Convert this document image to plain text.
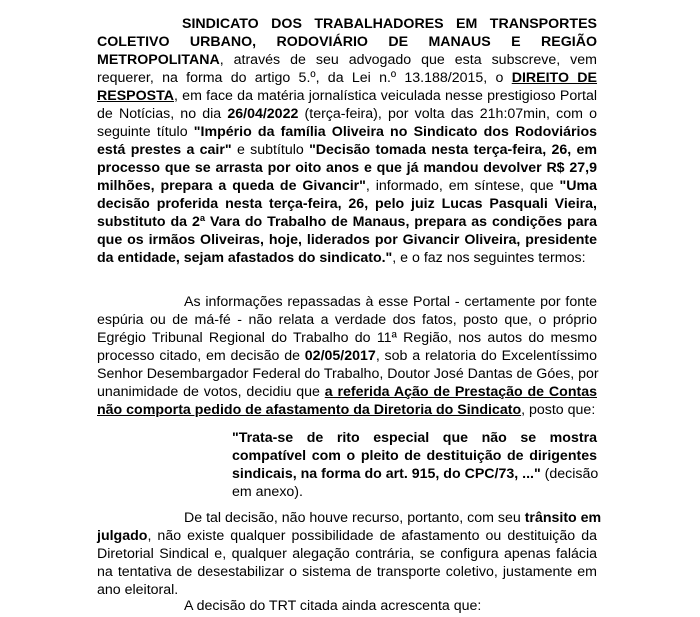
SINDICATO DOS TRABALHADORES EM TRANSPORTES
COLETIVO URBANO, RODOVIÁRIO DE MANAUS E REGIÃO
METROPOLITANA, através de seu advogado que esta subscreve, vem
requerer, na forma do artigo 5.º, da Lei n.º 13.188/2015, o DIREITO DE
RESPOSTA, em face da matéria jornalística veiculada nesse prestigioso Portal
de Notícias, no dia 26/04/2022 (terça-feira), por volta das 21h:07min, com o
seguinte título "Império da família Oliveira no Sindicato dos Rodoviários
está prestes a cair" e subtítulo "Decisão tomada nesta terça-feira, 26, em
processo que se arrasta por oito anos e que já mandou devolver R$ 27,9
milhões, prepara a queda de Givancir", informado, em síntese, que "Uma
decisão proferida nesta terça-feira, 26, pelo juiz Lucas Pasquali Vieira,
substituto da 2ª Vara do Trabalho de Manaus, prepara as condições para
que os irmãos Oliveiras, hoje, liderados por Givancir Oliveira, presidente
da entidade, sejam afastados do sindicato.", e o faz nos seguintes termos:
As informações repassadas à esse Portal - certamente por fonte
espúria ou de má-fé - não relata a verdade dos fatos, posto que, o próprio
Egrégio Tribunal Regional do Trabalho do 11ª Região, nos autos do mesmo
processo citado, em decisão de 02/05/2017, sob a relatoria do Excelentíssimo
Senhor Desembargador Federal do Trabalho, Doutor José Dantas de Góes, por
unanimidade de votos, decidiu que a referida Ação de Prestação de Contas
não comporta pedido de afastamento da Diretoria do Sindicato, posto que:
"Trata-se de rito especial que não se mostra
compatível com o pleito de destituição de dirigentes
sindicais, na forma do art. 915, do CPC/73, ..." (decisão
em anexo).
De tal decisão, não houve recurso, portanto, com seu trânsito em
julgado, não existe qualquer possibilidade de afastamento ou destituição da
Diretorial Sindical e, qualquer alegação contrária, se configura apenas falácia
na tentativa de desestabilizar o sistema de transporte coletivo, justamente em
ano eleitoral.
A decisão do TRT citada ainda acrescenta que:
